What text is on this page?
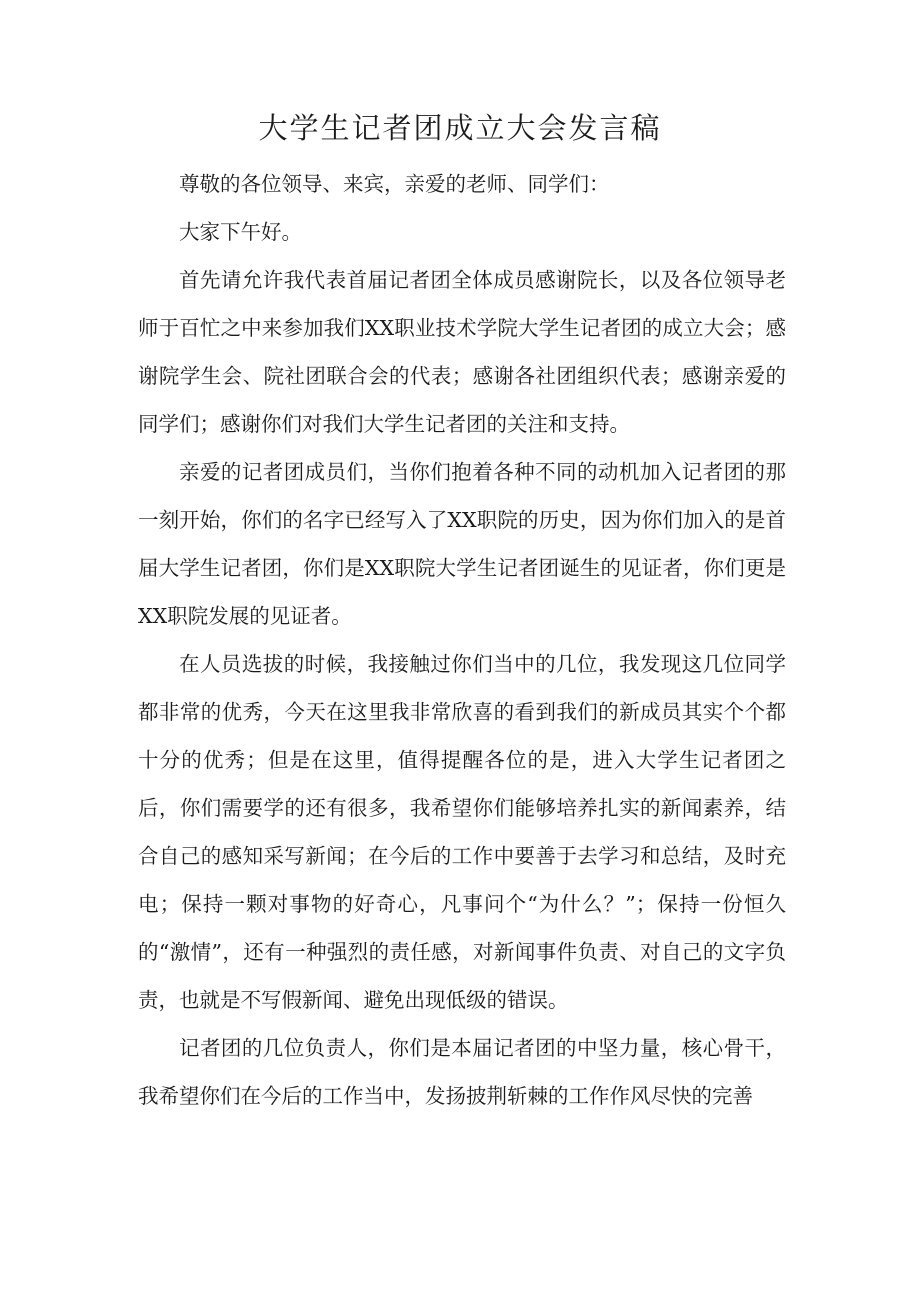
大学生记者团成立大会发言稿

尊敬的各位领导、来宾，亲爱的老师、同学们：

大家下午好。

首先请允许我代表首届记者团全体成员感谢院长，以及各位领导老师于百忙之中来参加我们XX职业技术学院大学生记者团的成立大会；感谢院学生会、院社团联合会的代表；感谢各社团组织代表；感谢亲爱的同学们；感谢你们对我们大学生记者团的关注和支持。

亲爱的记者团成员们，当你们抱着各种不同的动机加入记者团的那一刻开始，你们的名字已经写入了XX职院的历史，因为你们加入的是首届大学生记者团，你们是XX职院大学生记者团诞生的见证者，你们更是XX职院发展的见证者。

在人员选拔的时候，我接触过你们当中的几位，我发现这几位同学都非常的优秀，今天在这里我非常欣喜的看到我们的新成员其实个个都十分的优秀；但是在这里，值得提醒各位的是，进入大学生记者团之后，你们需要学的还有很多，我希望你们能够培养扎实的新闻素养，结合自己的感知采写新闻；在今后的工作中要善于去学习和总结，及时充电；保持一颗对事物的好奇心，凡事问个“为什么？”；保持一份恒久的“激情”，还有一种强烈的责任感，对新闻事件负责、对自己的文字负责，也就是不写假新闻、避免出现低级的错误。

记者团的几位负责人，你们是本届记者团的中坚力量，核心骨干，我希望你们在今后的工作当中，发扬披荆斩棘的工作作风尽快的完善
